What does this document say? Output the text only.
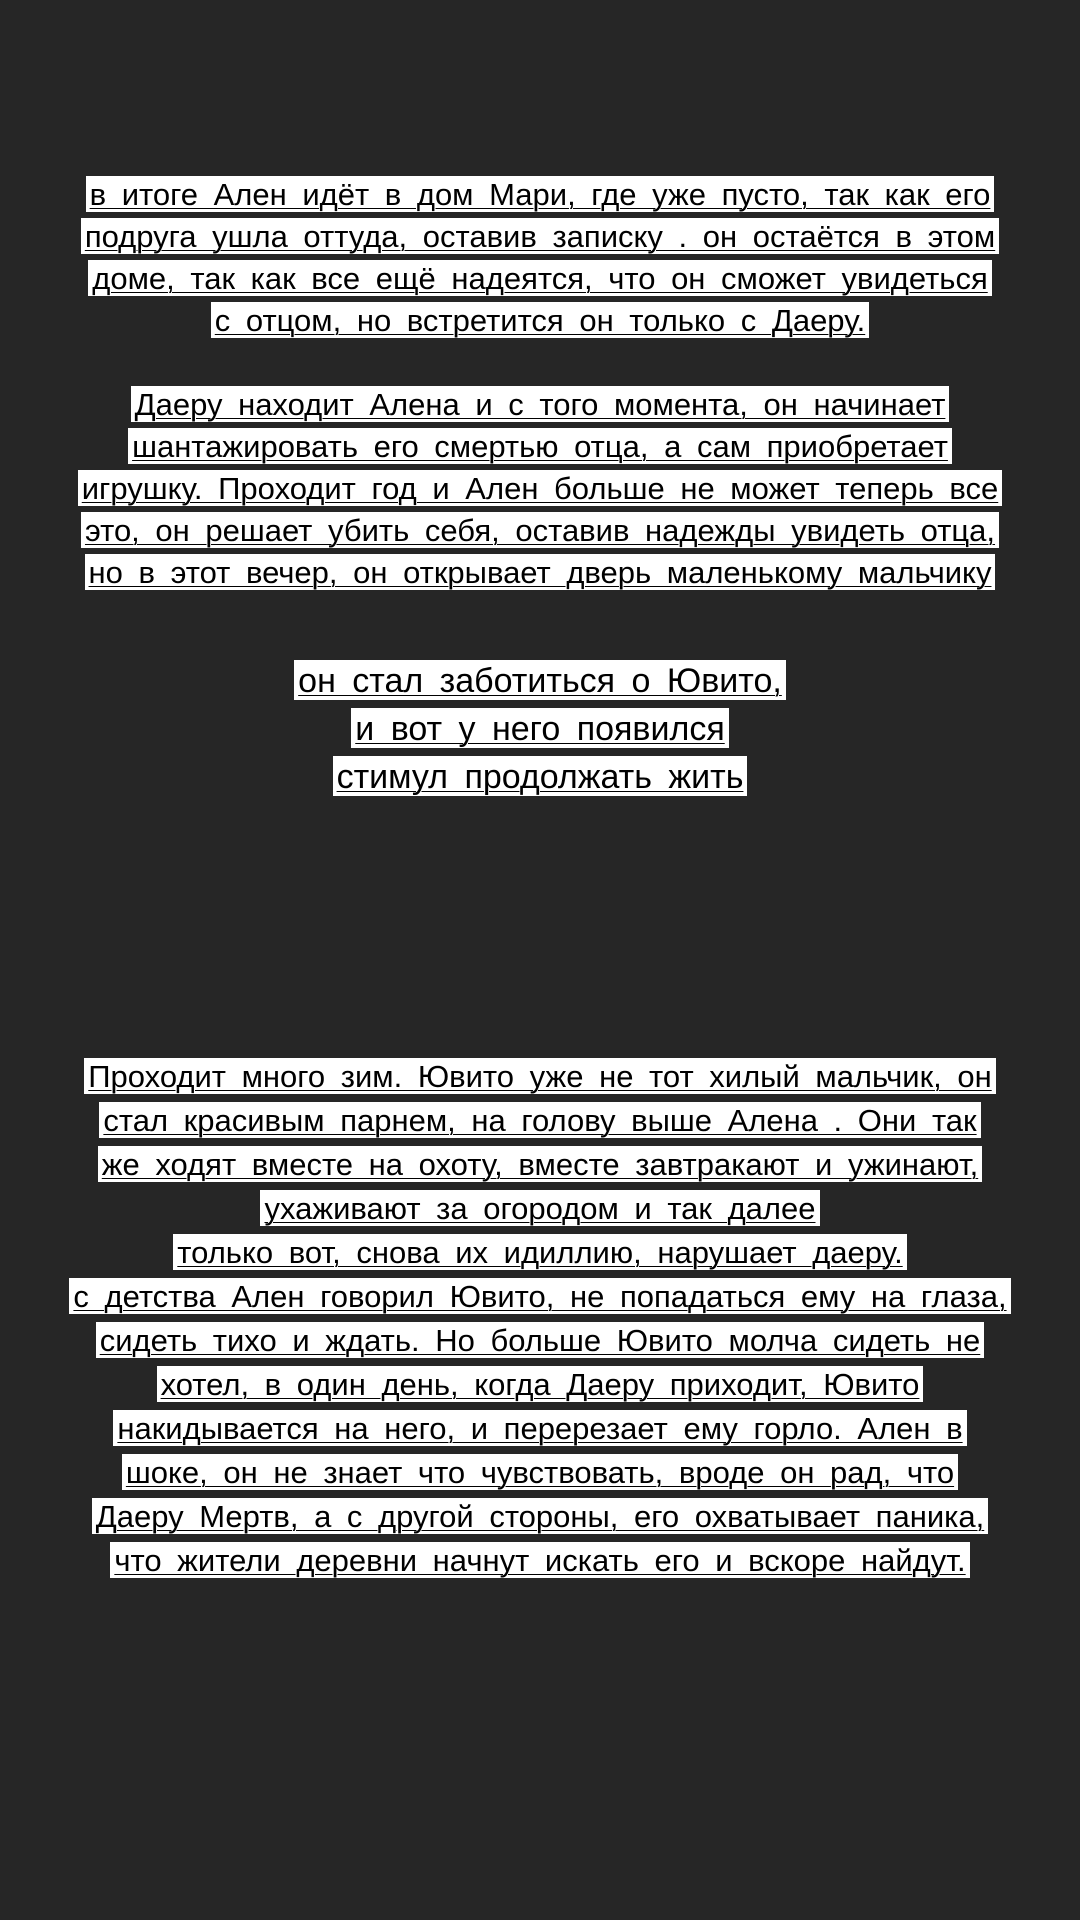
в итоге Ален идёт в дом Мари, где уже пусто, так как его
подруга ушла оттуда, оставив записку . он остаётся в этом
доме, так как все ещё надеятся, что он сможет увидеться
с отцом, но встретится он только с Даеру.
Даеру находит Алена и с того момента, он начинает
шантажировать его смертью отца, а сам приобретает
игрушку. Проходит год и Ален больше не может теперь все
это, он решает убить себя, оставив надежды увидеть отца,
но в этот вечер, он открывает дверь маленькому мальчику
он стал заботиться о Ювито,
и вот у него появился
стимул продолжать жить
Проходит много зим. Ювито уже не тот хилый мальчик, он
стал красивым парнем, на голову выше Алена . Они так
же ходят вместе на охоту, вместе завтракают и ужинают,
ухаживают за огородом и так далее
только вот, снова их идиллию, нарушает даеру.
с детства Ален говорил Ювито, не попадаться ему на глаза,
сидеть тихо и ждать. Но больше Ювито молча сидеть не
хотел, в один день, когда Даеру приходит, Ювито
накидывается на него, и перерезает ему горло. Ален в
шоке, он не знает что чувствовать, вроде он рад, что
Даеру Мертв, а с другой стороны, его охватывает паника,
что жители деревни начнут искать его и вскоре найдут.
